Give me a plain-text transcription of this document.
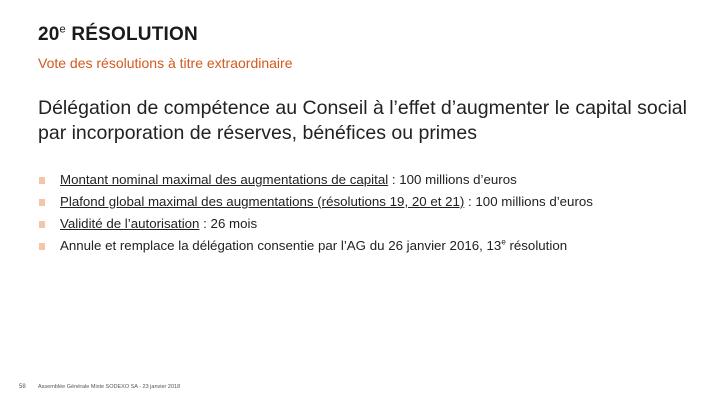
20e RÉSOLUTION
Vote des résolutions à titre extraordinaire
Délégation de compétence au Conseil à l’effet d’augmenter le capital social par incorporation de réserves, bénéfices ou primes
Montant nominal maximal des augmentations de capital : 100 millions d’euros
Plafond global maximal des augmentations (résolutions 19, 20 et 21) : 100 millions d’euros
Validité de l’autorisation : 26 mois
Annule et remplace la délégation consentie par l’AG du 26 janvier 2016, 13e résolution
58 Assemblée Générale Mixte SODEXO SA - 23 janvier 2018
